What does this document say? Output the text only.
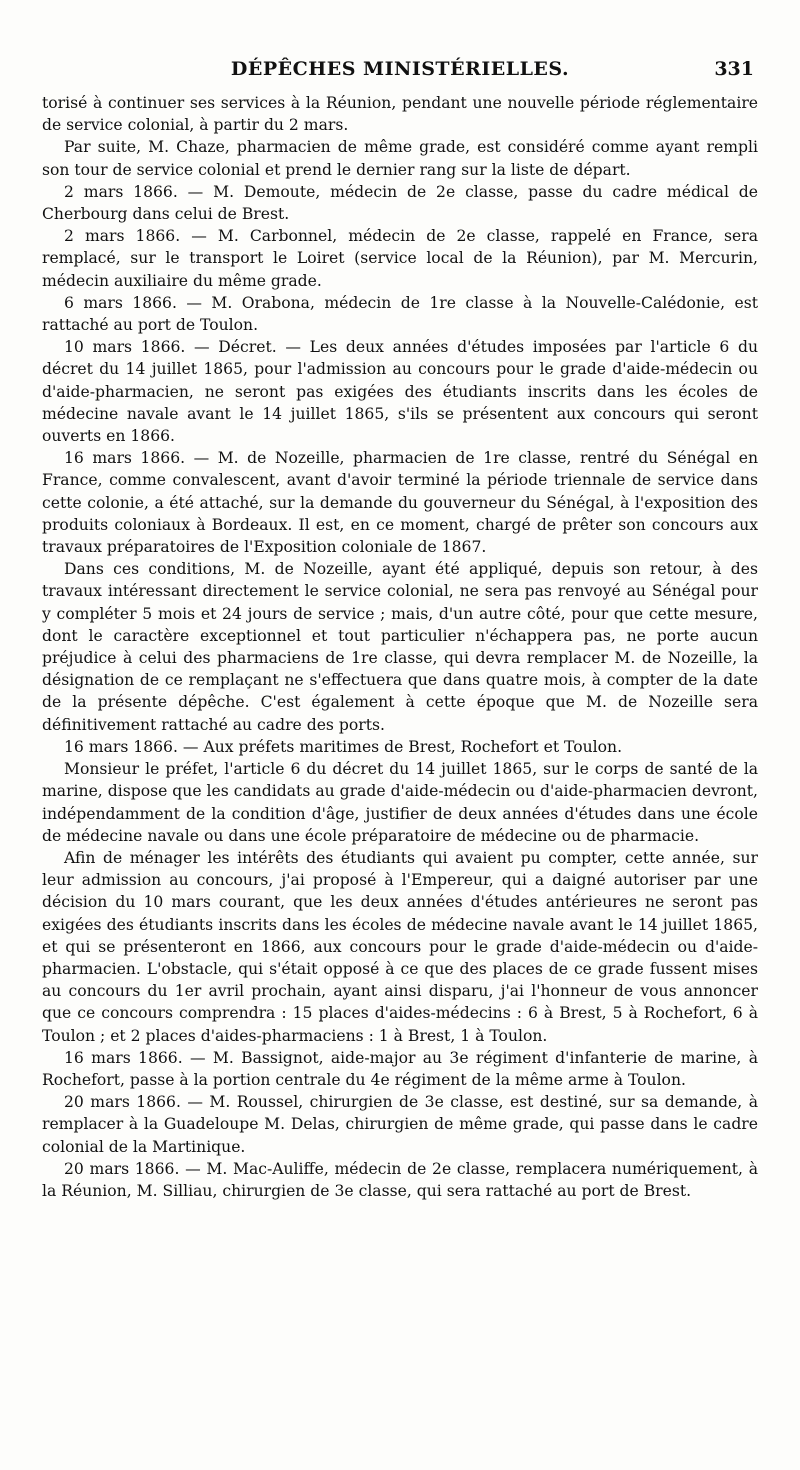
DÉPÊCHES MINISTÉRIELLES.	331

torisé à continuer ses services à la Réunion, pendant une nouvelle période réglementaire de service colonial, à partir du 2 mars.

Par suite, M. Chaze, pharmacien de même grade, est considéré comme ayant rempli son tour de service colonial et prend le dernier rang sur la liste de départ.

2 mars 1866. — M. Demoute, médecin de 2e classe, passe du cadre médical de Cherbourg dans celui de Brest.

2 mars 1866. — M. Carbonnel, médecin de 2e classe, rappelé en France, sera remplacé, sur le transport le Loiret (service local de la Réunion), par M. Mercurin, médecin auxiliaire du même grade.

6 mars 1866. — M. Orabona, médecin de 1re classe à la Nouvelle-Calédonie, est rattaché au port de Toulon.

10 mars 1866. — Décret. — Les deux années d'études imposées par l'article 6 du décret du 14 juillet 1865, pour l'admission au concours pour le grade d'aide-médecin ou d'aide-pharmacien, ne seront pas exigées des étudiants inscrits dans les écoles de médecine navale avant le 14 juillet 1865, s'ils se présentent aux concours qui seront ouverts en 1866.

16 mars 1866. — M. de Nozeille, pharmacien de 1re classe, rentré du Sénégal en France, comme convalescent, avant d'avoir terminé la période triennale de service dans cette colonie, a été attaché, sur la demande du gouverneur du Sénégal, à l'exposition des produits coloniaux à Bordeaux. Il est, en ce moment, chargé de prêter son concours aux travaux préparatoires de l'Exposition coloniale de 1867.

Dans ces conditions, M. de Nozeille, ayant été appliqué, depuis son retour, à des travaux intéressant directement le service colonial, ne sera pas renvoyé au Sénégal pour y compléter 5 mois et 24 jours de service ; mais, d'un autre côté, pour que cette mesure, dont le caractère exceptionnel et tout particulier n'échappera pas, ne porte aucun préjudice à celui des pharmaciens de 1re classe, qui devra remplacer M. de Nozeille, la désignation de ce remplaçant ne s'effectuera que dans quatre mois, à compter de la date de la présente dépêche. C'est également à cette époque que M. de Nozeille sera définitivement rattaché au cadre des ports.

16 mars 1866. — Aux préfets maritimes de Brest, Rochefort et Toulon.

Monsieur le préfet, l'article 6 du décret du 14 juillet 1865, sur le corps de santé de la marine, dispose que les candidats au grade d'aide-médecin ou d'aide-pharmacien devront, indépendamment de la condition d'âge, justifier de deux années d'études dans une école de médecine navale ou dans une école préparatoire de médecine ou de pharmacie.

Afin de ménager les intérêts des étudiants qui avaient pu compter, cette année, sur leur admission au concours, j'ai proposé à l'Empereur, qui a daigné autoriser par une décision du 10 mars courant, que les deux années d'études antérieures ne seront pas exigées des étudiants inscrits dans les écoles de médecine navale avant le 14 juillet 1865, et qui se présenteront en 1866, aux concours pour le grade d'aide-médecin ou d'aide-pharmacien. L'obstacle, qui s'était opposé à ce que des places de ce grade fussent mises au concours du 1er avril prochain, ayant ainsi disparu, j'ai l'honneur de vous annoncer que ce concours comprendra : 15 places d'aides-médecins : 6 à Brest, 5 à Rochefort, 6 à Toulon ; et 2 places d'aides-pharmaciens : 1 à Brest, 1 à Toulon.

16 mars 1866. — M. Bassignot, aide-major au 3e régiment d'infanterie de marine, à Rochefort, passe à la portion centrale du 4e régiment de la même arme à Toulon.

20 mars 1866. — M. Roussel, chirurgien de 3e classe, est destiné, sur sa demande, à remplacer à la Guadeloupe M. Delas, chirurgien de même grade, qui passe dans le cadre colonial de la Martinique.

20 mars 1866. — M. Mac-Auliffe, médecin de 2e classe, remplacera numériquement, à la Réunion, M. Silliau, chirurgien de 3e classe, qui sera rattaché au port de Brest.
